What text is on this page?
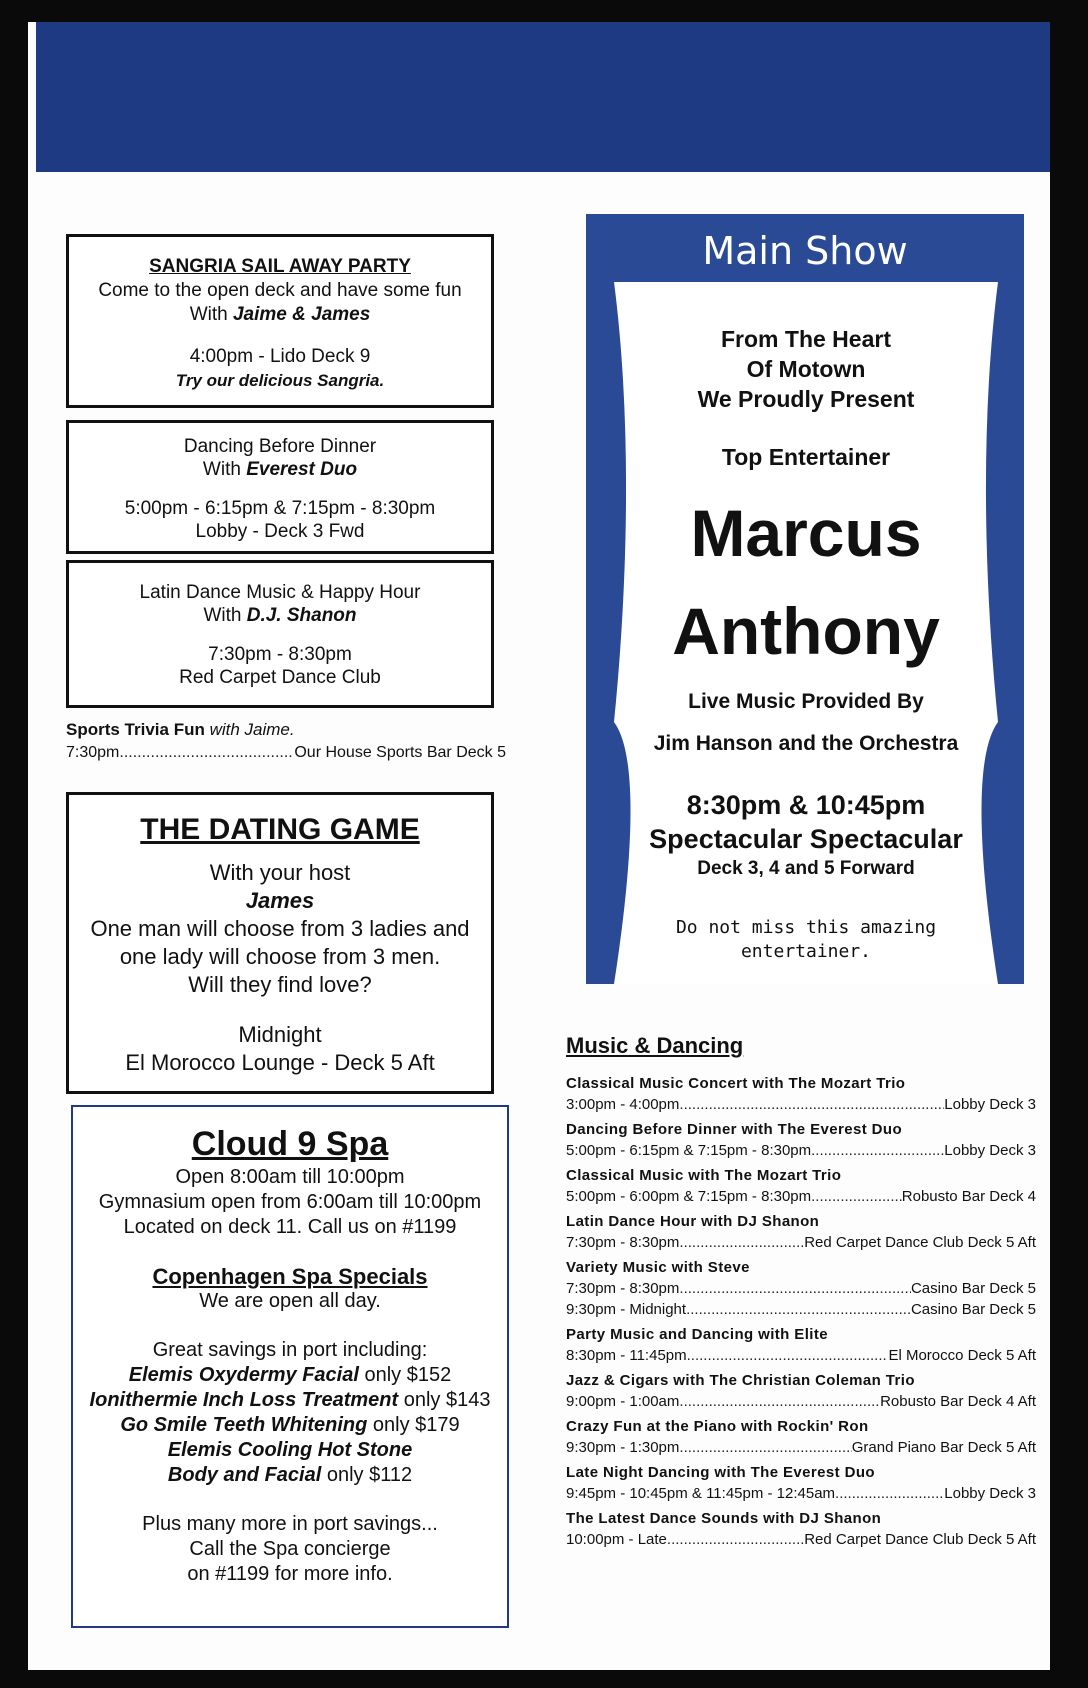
SANGRIA SAIL AWAY PARTY

Come to the open deck and have some fun

With Jaime & James

4:00pm - Lido Deck 9

Try our delicious Sangria.

Dancing Before Dinner

With Everest Duo

5:00pm - 6:15pm & 7:15pm - 8:30pm

Lobby - Deck 3 Fwd

Latin Dance Music & Happy Hour

With D.J. Shanon

7:30pm - 8:30pm

Red Carpet Dance Club

Sports Trivia Fun with Jaime.
7:30pm .....	Our House Sports Bar Deck 5

THE DATING GAME

With your host

James

One man will choose from 3 ladies and

one lady will choose from 3 men.

Will they find love?

Midnight

El Morocco Lounge - Deck 5 Aft

Cloud 9 Spa

Open 8:00am till 10:00pm

Gymnasium open from 6:00am till 10:00pm

Located on deck 11. Call us on #1199

Copenhagen Spa Specials

We are open all day.

Great savings in port including:

Elemis Oxydermy Facial only $152

Ionithermie Inch Loss Treatment only $143

Go Smile Teeth Whitening only $179

Elemis Cooling Hot Stone

Body and Facial only $112

Plus many more in port savings...

Call the Spa concierge

on #1199 for more info.

Main Show
From The Heart
Of Motown
We Proudly Present
Top Entertainer
Marcus
Anthony
Live Music Provided By
Jim Hanson and the Orchestra
8:30pm & 10:45pm
Spectacular Spectacular
Deck 3, 4 and 5 Forward
Do not miss this amazing entertainer.
Music & Dancing
Classical Music Concert with The Mozart Trio
3:00pm - 4:00pm .....	Lobby Deck 3
Dancing Before Dinner with The Everest Duo
5:00pm - 6:15pm & 7:15pm - 8:30pm .....	Lobby Deck 3
Classical Music with The Mozart Trio
5:00pm - 6:00pm & 7:15pm - 8:30pm .....	Robusto Bar Deck 4
Latin Dance Hour with DJ Shanon
7:30pm - 8:30pm .....	Red Carpet Dance Club Deck 5 Aft
Variety Music with Steve
7:30pm - 8:30pm .....	Casino Bar Deck 5
9:30pm - Midnight .....	Casino Bar Deck 5
Party Music and Dancing with Elite
8:30pm - 11:45pm .....	El Morocco Deck 5 Aft
Jazz & Cigars with The Christian Coleman Trio
9:00pm - 1:00am .....	Robusto Bar Deck 4 Aft
Crazy Fun at the Piano with Rockin' Ron
9:30pm - 1:30pm .....	Grand Piano Bar Deck 5 Aft
Late Night Dancing with The Everest Duo
9:45pm - 10:45pm & 11:45pm - 12:45am .....	Lobby Deck 3
The Latest Dance Sounds with DJ Shanon
10:00pm - Late .....	Red Carpet Dance Club Deck 5 Aft
